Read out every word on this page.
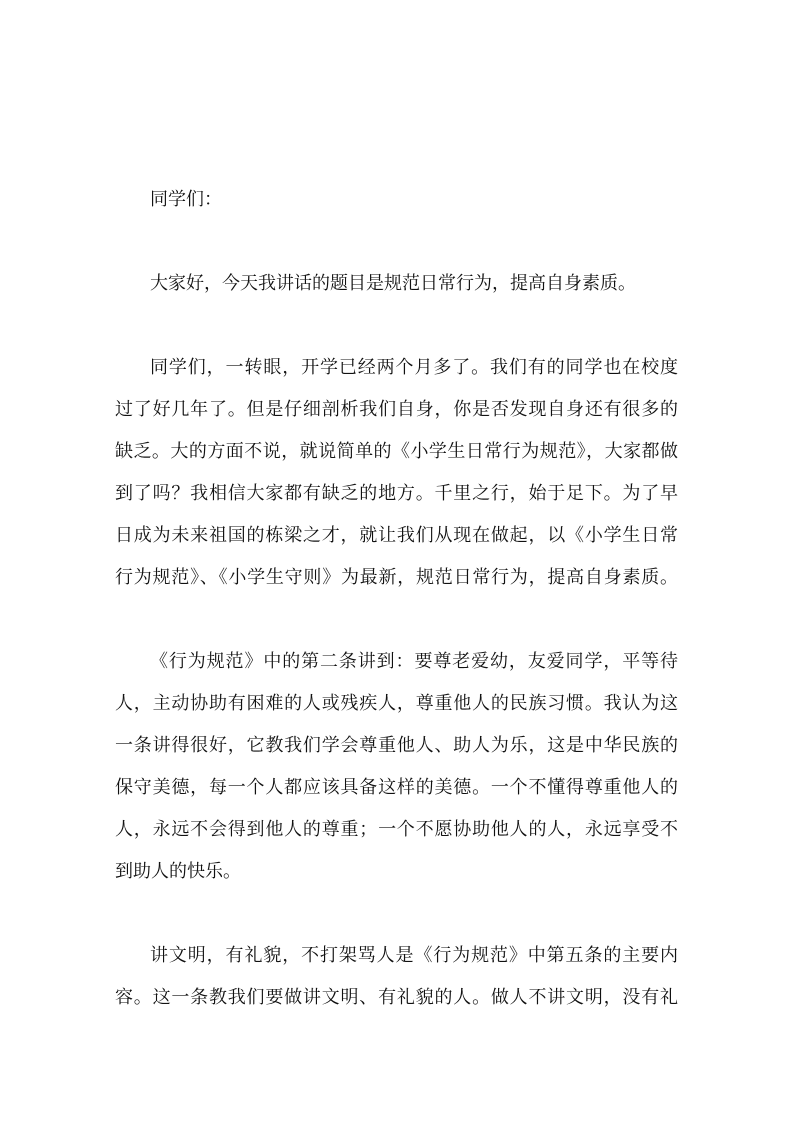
同学们：
大家好，今天我讲话的题目是规范日常行为，提高自身素质。
同学们，一转眼，开学已经两个月多了。我们有的同学也在校度
过了好几年了。但是仔细剖析我们自身，你是否发现自身还有很多的
缺乏。大的方面不说，就说简单的《小学生日常行为规范》，大家都做
到了吗？我相信大家都有缺乏的地方。千里之行，始于足下。为了早
日成为未来祖国的栋梁之才，就让我们从现在做起，以《小学生日常
行为规范》、《小学生守则》为最新，规范日常行为，提高自身素质。
《行为规范》中的第二条讲到：要尊老爱幼，友爱同学，平等待
人，主动协助有困难的人或残疾人，尊重他人的民族习惯。我认为这
一条讲得很好，它教我们学会尊重他人、助人为乐，这是中华民族的
保守美德，每一个人都应该具备这样的美德。一个不懂得尊重他人的
人，永远不会得到他人的尊重；一个不愿协助他人的人，永远享受不
到助人的快乐。
讲文明，有礼貌，不打架骂人是《行为规范》中第五条的主要内
容。这一条教我们要做讲文明、有礼貌的人。做人不讲文明，没有礼
